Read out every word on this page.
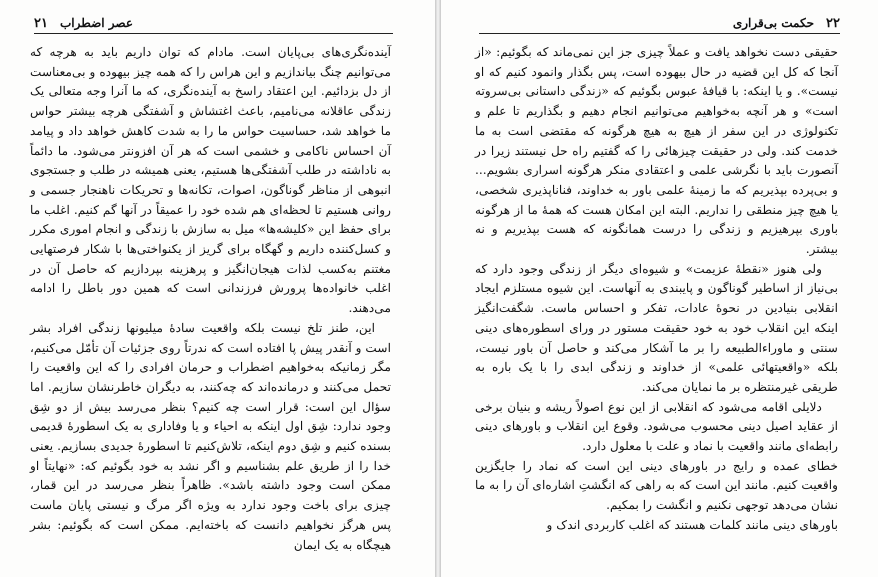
۲۱ عصر اضطراب

آینده‌نگری‌های بی‌پایان است. مادام که توان داریم باید به هرچه که می‌توانیم چنگ بیاندازیم و این هراس را که همه چیز بیهوده و بی‌معناست از دل بزدائیم. این اعتقاد راسخ به آینده‌نگری، که ما آنرا وجه متعالی یک زندگی عاقلانه می‌نامیم، باعث اغتشاش و آشفتگی هرچه بیشتر حواس ما خواهد شد، حساسیت حواس ما را به شدت کاهش خواهد داد و پیامد آن احساس ناکامی و خشمی است که هر آن افزونتر می‌شود. ما دائماً به ناداشته در طلب آشفتگی‌ها هستیم، یعنی همیشه در طلب و جستجوی انبوهی از مناظر گوناگون، اصوات، تکانه‌ها و تحریکات ناهنجار جسمی و روانی هستیم تا لحظه‌ای هم شده خود را عمیقاً در آنها گم کنیم. اغلب ما برای حفظ این «کلیشه‌ها» میل به سازش با زندگی و انجام اموری مکرر و کسل‌کننده داریم و گهگاه برای گریز از یکنواختی‌ها با شکار فرصتهایی مغتنم به‌کسب لذات هیجان‌انگیز و پرهزینه بپردازیم که حاصل آن در اغلب خانواده‌ها پرورش فرزندانی است که همین دور باطل را ادامه می‌دهند.

این، طنز تلخ نیست بلکه واقعیت سادهٔ میلیونها زندگی افراد بشر است و آنقدر پیش پا افتاده است که ندرتاً روی جزئیات آن تأمّل می‌کنیم، مگر زمانیکه به‌خواهیم اضطراب و حرمان افرادی را که این واقعیت را تحمل می‌کنند و درمانده‌اند که چه‌کنند، به دیگران خاطرنشان سازیم. اما سؤال این است: قرار است چه کنیم؟ بنظر می‌رسد بیش از دو شِق وجود ندارد: شِق اول اینکه به احیاء و یا وفاداری به یک اسطورهٔ قدیمی بسنده کنیم و شِق دوم اینکه، تلاش‌کنیم تا اسطورهٔ جدیدی بسازیم. یعنی خدا را از طریق علم بشناسیم و اگر نشد به خود بگوئیم که: «نهایتاً او ممکن است وجود داشته باشد». ظاهراً بنظر می‌رسد در این قمار، چیزی برای باخت وجود ندارد به ویژه اگر مرگ و نیستی پایان ماست پس هرگز نخواهیم دانست که باخته‌ایم. ممکن است که بگوئیم: بشر هیچگاه به یک ایمان

۲۲
حکمت بی‌قراری

حقیقی دست نخواهد یافت و عملاً چیزی جز این نمی‌ماند که بگوئیم: «از آنجا که کل این قضیه در حال بیهوده است، پس بگذار وانمود کنیم که او نیست». و یا اینکه: با قیافهٔ عبوس بگوئیم که «زندگی داستانی بی‌سروته است» و هر آنچه به‌خواهیم می‌توانیم انجام دهیم و بگذاریم تا علم و تکنولوژی در این سفر از هیچ به هیچ هرگونه که مقتضی است به ما خدمت کند. ولی در حقیقت چیزهائی را که گفتیم راه حل نیستند زیرا در آنصورت باید با نگرشی علمی و اعتقادی منکر هرگونه اسراری بشویم... و بی‌پرده بپذیریم که ما زمینهٔ علمی باور به خداوند، فناناپذیری شخصی، یا هیچ چیز منطقی را نداریم. البته این امکان هست که همهٔ ما از هرگونه باوری بپرهیزیم و زندگی را درست همانگونه که هست بپذیریم و نه بیشتر.

ولی هنوز «نقطهٔ عزیمت» و شیوه‌ای دیگر از زندگی وجود دارد که بی‌نیاز از اساطیر گوناگون و پایبندی به آنهاست. این شیوه مستلزم ایجاد انقلابی بنیادین در نحوهٔ عادات، تفکر و احساس ماست. شگفت‌انگیز اینکه این انقلاب خود به خود حقیقت مستور در ورای اسطوره‌های دینی سنتی و ماوراءالطبیعه را بر ما آشکار می‌کند و حاصل آن باور نیست، بلکه «واقعیتهائی علمی» از خداوند و زندگی ابدی را با یک باره به طریقی غیرمنتظره بر ما نمایان می‌کند.

دلایلی اقامه می‌شود که انقلابی از این نوع اصولاً ریشه و بنیان برخی از عقاید اصیل دینی محسوب می‌شود. وقوع این انقلاب و باورهای دینی رابطه‌ای مانند واقعیت با نماد و علت با معلول دارد.

خطای عمده و رایج در باورهای دینی این است که نماد را جایگزین واقعیت کنیم. مانند این است که به راهی که انگشتِ اشاره‌ای آن را به ما نشان می‌دهد توجهی نکنیم و انگشت را بمکیم.

باورهای دینی مانند کلمات هستند که اغلب کاربردی اندک و
